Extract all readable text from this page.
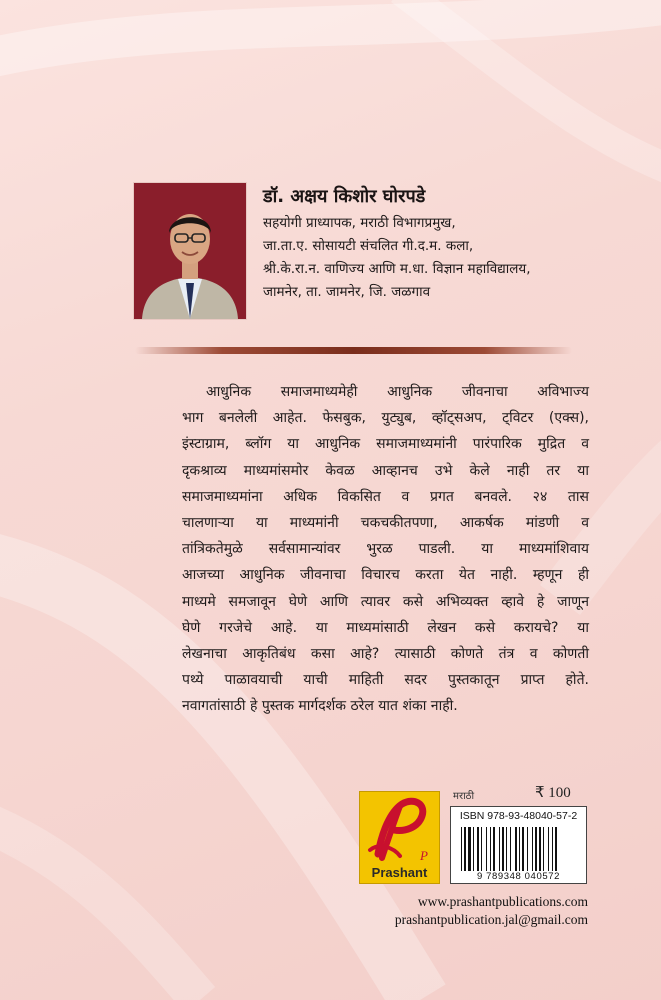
डॉ. अक्षय किशोर घोरपडे
सहयोगी प्राध्यापक, मराठी विभागप्रमुख,
जा.ता.ए. सोसायटी संचलित गी.द.म. कला,
श्री.के.रा.न. वाणिज्य आणि म.धा. विज्ञान महाविद्यालय,
जामनेर, ता. जामनेर, जि. जळगाव

आधुनिक समाजमाध्यमेही आधुनिक जीवनाचा अविभाज्य

भाग बनलेली आहेत. फेसबुक, युट्युब, व्हॉट्सअप, ट्विटर (एक्स),

इंस्टाग्राम, ब्लॉग या आधुनिक समाजमाध्यमांनी पारंपारिक मुद्रित व

दृकश्राव्य माध्यमांसमोर केवळ आव्हानच उभे केले नाही तर या

समाजमाध्यमांना अधिक विकसित व प्रगत बनवले. २४ तास

चालणाऱ्या या माध्यमांनी चकचकीतपणा, आकर्षक मांडणी व

तांत्रिकतेमुळे सर्वसामान्यांवर भुरळ पाडली. या माध्यमांशिवाय

आजच्या आधुनिक जीवनाचा विचारच करता येत नाही. म्हणून ही

माध्यमे समजावून घेणे आणि त्यावर कसे अभिव्यक्त व्हावे हे जाणून

घेणे गरजेचे आहे. या माध्यमांसाठी लेखन कसे करायचे? या

लेखनाचा आकृतिबंध कसा आहे? त्यासाठी कोणते तंत्र व कोणती

पथ्ये पाळावयाची याची माहिती सदर पुस्तकातून प्राप्त होते.

नवागतांसाठी हे पुस्तक मार्गदर्शक ठरेल यात शंका नाही.

P
Prashant
मराठी	₹ 100
ISBN 978-93-48040-57-2
9 789348 040572
www.prashantpublications.com
prashantpublication.jal@gmail.com
